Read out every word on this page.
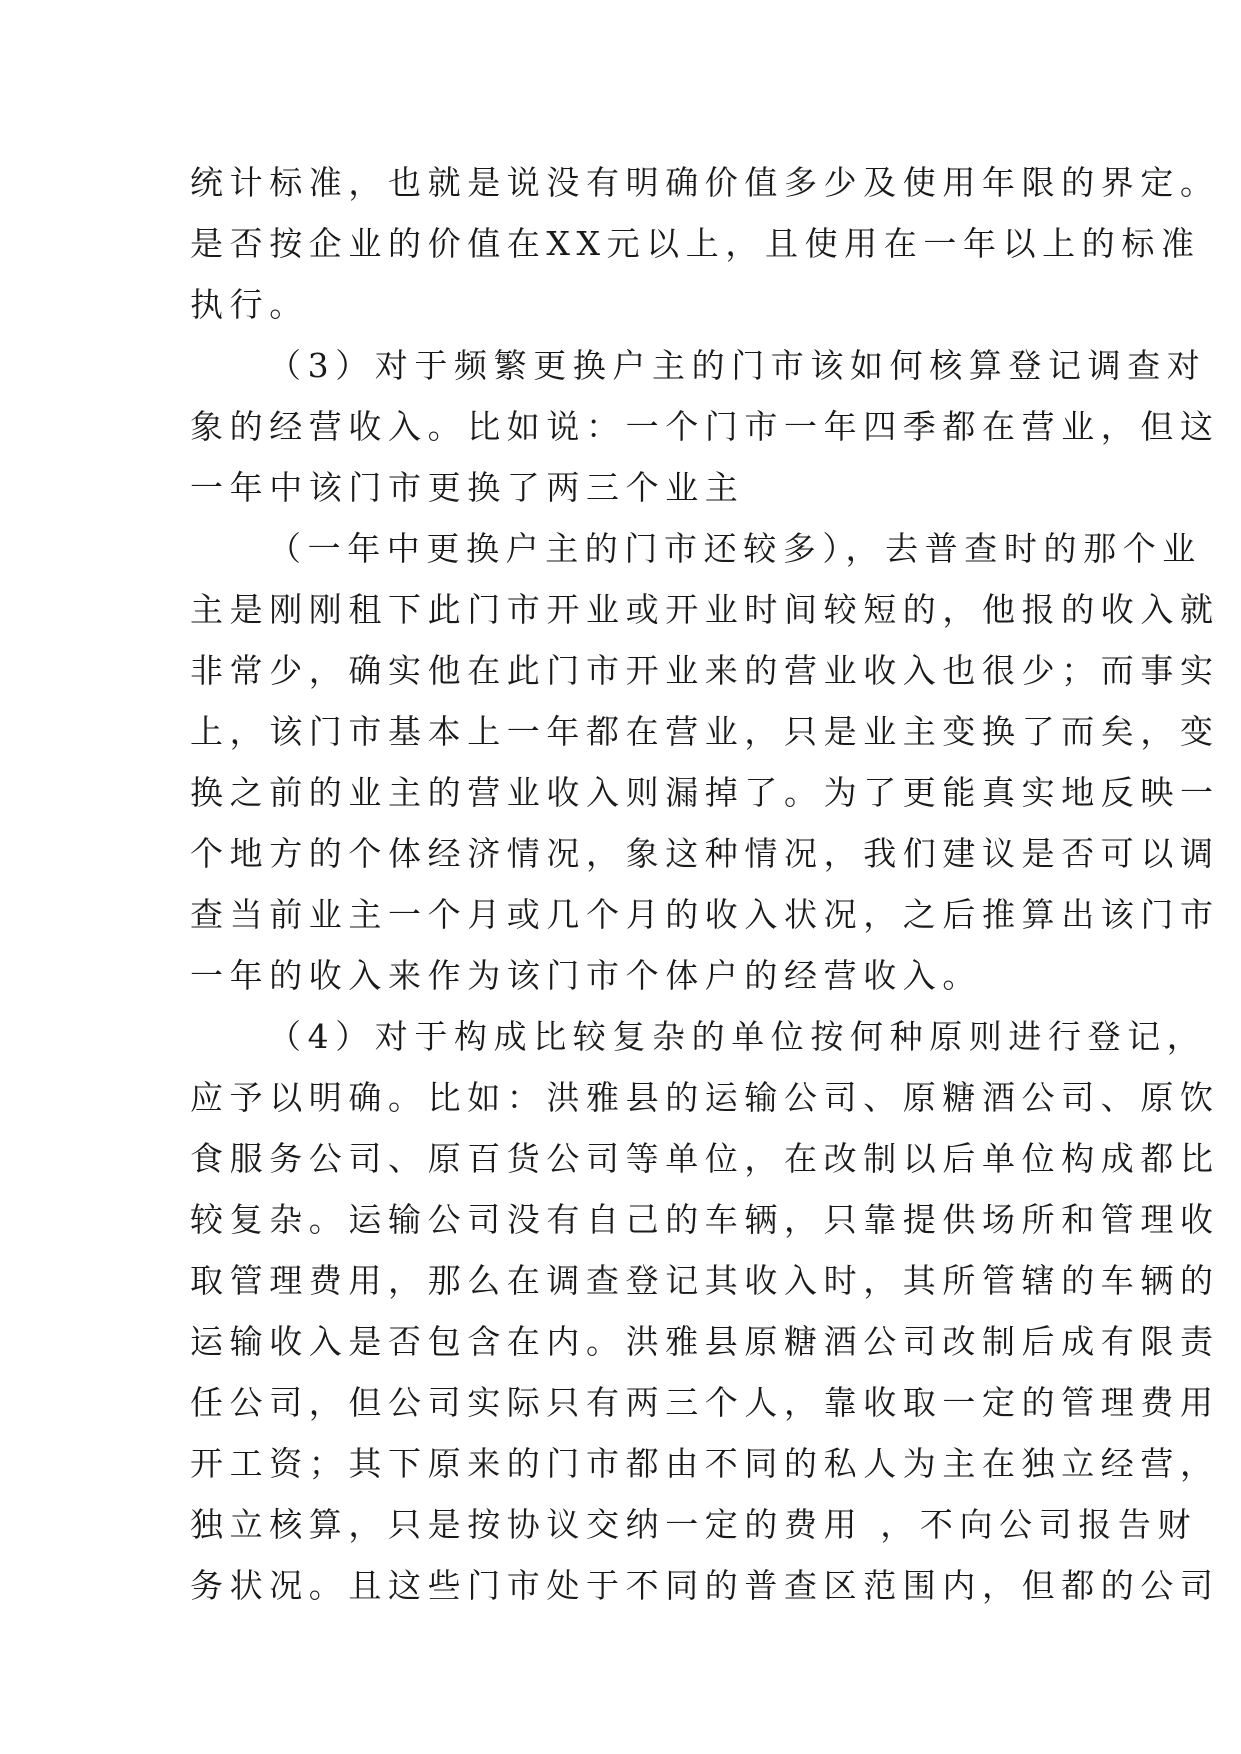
统计标准，也就是说没有明确价值多少及使用年限的界定。
是否按企业的价值在XX元以上，且使用在一年以上的标准
执行。
（3）对于频繁更换户主的门市该如何核算登记调查对
象的经营收入。比如说：一个门市一年四季都在营业，但这
一年中该门市更换了两三个业主
（一年中更换户主的门市还较多），去普查时的那个业
主是刚刚租下此门市开业或开业时间较短的，他报的收入就
非常少，确实他在此门市开业来的营业收入也很少；而事实
上，该门市基本上一年都在营业，只是业主变换了而矣，变
换之前的业主的营业收入则漏掉了。为了更能真实地反映一
个地方的个体经济情况，象这种情况，我们建议是否可以调
查当前业主一个月或几个月的收入状况，之后推算出该门市
一年的收入来作为该门市个体户的经营收入。
（4）对于构成比较复杂的单位按何种原则进行登记，
应予以明确。比如：洪雅县的运输公司、原糖酒公司、原饮
食服务公司、原百货公司等单位，在改制以后单位构成都比
较复杂。运输公司没有自己的车辆，只靠提供场所和管理收
取管理费用，那么在调查登记其收入时，其所管辖的车辆的
运输收入是否包含在内。洪雅县原糖酒公司改制后成有限责
任公司，但公司实际只有两三个人，靠收取一定的管理费用
开工资；其下原来的门市都由不同的私人为主在独立经营，
独立核算，只是按协议交纳一定的费用 ，不向公司报告财
务状况。且这些门市处于不同的普查区范围内，但都的公司
